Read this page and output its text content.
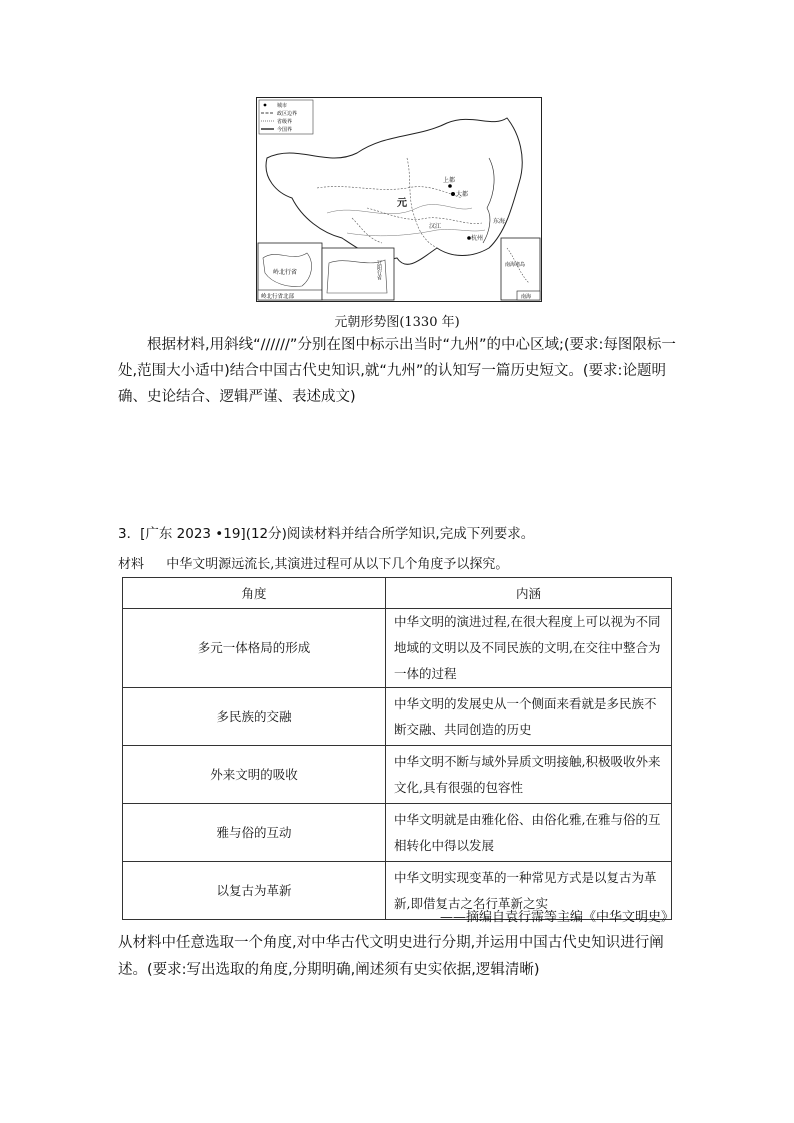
城市
政区边界
省级界
今国界
元
上都
大都
杭州
汉江
东海
岭北行省
岭北行省北部
辽阳行省	南海诸岛
南海
元朝形势图(1330 年)
根据材料,用斜线“//////”分别在图中标示出当时“九州”的中心区域;(要求:每图限标一处,范围大小适中)结合中国古代史知识,就“九州”的认知写一篇历史短文。(要求:论题明确、史论结合、逻辑严谨、表述成文)
3．[广东 2023 •19](12分)阅读材料并结合所学知识,完成下列要求。
材料 中华文明源远流长,其演进过程可从以下几个角度予以探究。
角度	内涵
多元一体格局的形成	中华文明的演进过程,在很大程度上可以视为不同地域的文明以及不同民族的文明,在交往中整合为一体的过程
多民族的交融	中华文明的发展史从一个侧面来看就是多民族不断交融、共同创造的历史
外来文明的吸收	中华文明不断与域外异质文明接触,积极吸收外来文化,具有很强的包容性
雅与俗的互动	中华文明就是由雅化俗、由俗化雅,在雅与俗的互相转化中得以发展
以复古为革新	中华文明实现变革的一种常见方式是以复古为革新,即借复古之名行革新之实
——摘编自袁行霈等主编《中华文明史》
从材料中任意选取一个角度,对中华古代文明史进行分期,并运用中国古代史知识进行阐述。(要求:写出选取的角度,分期明确,阐述须有史实依据,逻辑清晰)
